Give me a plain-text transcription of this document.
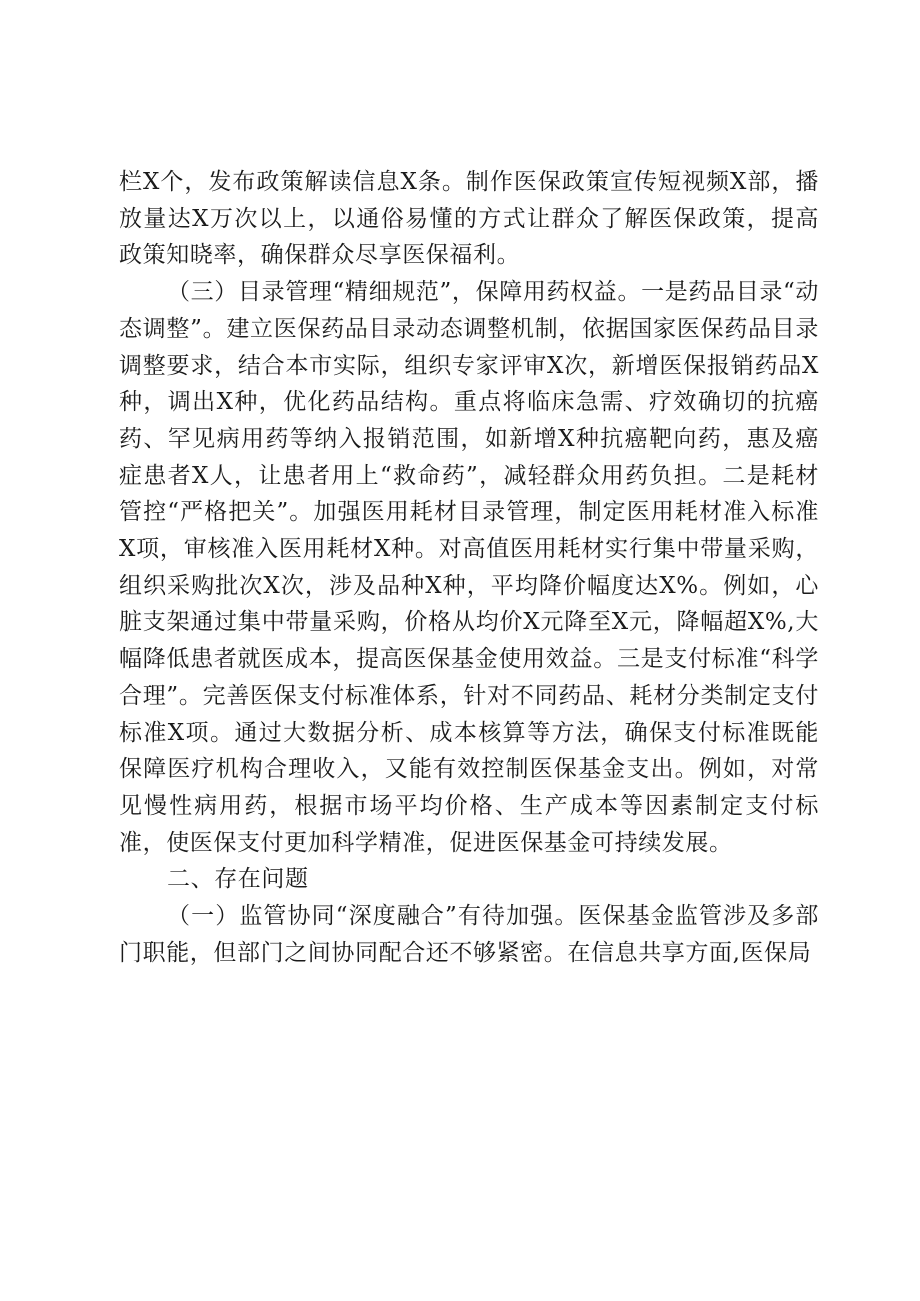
栏X个，发布政策解读信息X条。制作医保政策宣传短视频X部，播放量达X万次以上，以通俗易懂的方式让群众了解医保政策，提高政策知晓率，确保群众尽享医保福利。

（三）目录管理“精细规范”，保障用药权益。一是药品目录“动态调整”。建立医保药品目录动态调整机制，依据国家医保药品目录调整要求，结合本市实际，组织专家评审X次，新增医保报销药品X种，调出X种，优化药品结构。重点将临床急需、疗效确切的抗癌药、罕见病用药等纳入报销范围，如新增X种抗癌靶向药，惠及癌症患者X人，让患者用上“救命药”，减轻群众用药负担。二是耗材管控“严格把关”。加强医用耗材目录管理，制定医用耗材准入标准X项，审核准入医用耗材X种。对高值医用耗材实行集中带量采购，组织采购批次X次，涉及品种X种，平均降价幅度达X%。例如，心脏支架通过集中带量采购，价格从均价X元降至X元，降幅超X%,大幅降低患者就医成本，提高医保基金使用效益。三是支付标准“科学合理”。完善医保支付标准体系，针对不同药品、耗材分类制定支付标准X项。通过大数据分析、成本核算等方法，确保支付标准既能保障医疗机构合理收入，又能有效控制医保基金支出。例如，对常见慢性病用药，根据市场平均价格、生产成本等因素制定支付标准，使医保支付更加科学精准，促进医保基金可持续发展。

二、存在问题

（一）监管协同“深度融合”有待加强。医保基金监管涉及多部门职能，但部门之间协同配合还不够紧密。在信息共享方面,医保局
